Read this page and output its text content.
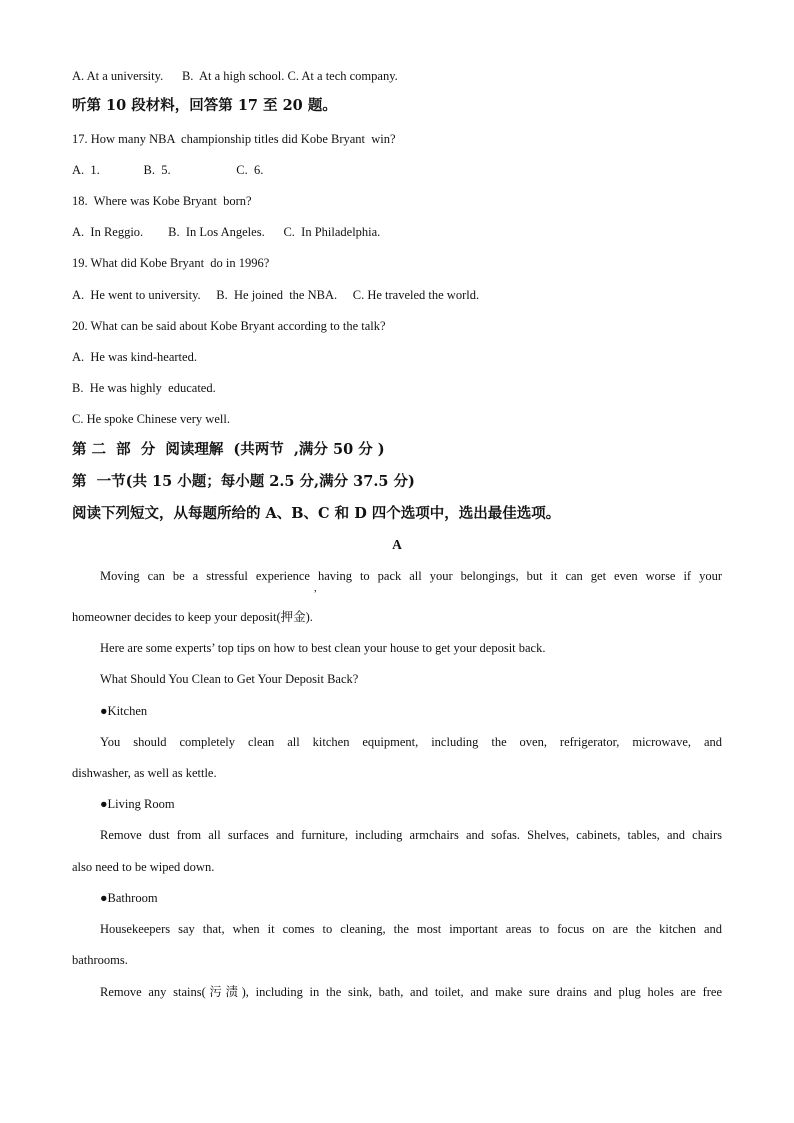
A. At a university.      B.  At a high school. C. At a tech company.
听第 10 段材料，回答第 17 至 20 题。
17. How many NBA  championship titles did Kobe Bryant  win?
A.  1.              B.  5.                     C.  6.
18.  Where was Kobe Bryant  born?
A.  In Reggio.        B.  In Los Angeles.      C.  In Philadelphia.
19. What did Kobe Bryant  do in 1996?
A.  He went to university.     B.  He joined  the NBA.     C. He traveled the world.
20. What can be said about Kobe Bryant according to the talk?
A.  He was kind-hearted.
B.  He was highly  educated.
C. He spoke Chinese very well.
第 二  部  分  阅读理解  (共两节  ,满分 50 分 )
第  一节(共 15 小题；每小题 2.5 分,满分 37.5 分)
阅读下列短文，从每题所给的 A、B、C 和 D 四个选项中，选出最佳选项。
A
Moving can be a stressful experience having to pack all your belongings, but it can get even worse if your
,
homeowner decides to keep your deposit(押金).
Here are some experts’ top tips on how to best clean your house to get your deposit back.
What Should You Clean to Get Your Deposit Back?
●Kitchen
You should completely clean all kitchen equipment, including the oven, refrigerator, microwave, and
dishwasher, as well as kettle.
●Living Room
Remove dust from all surfaces and furniture, including armchairs and sofas. Shelves, cabinets, tables, and chairs
also need to be wiped down.
●Bathroom
Housekeepers say that, when it comes to cleaning, the most important areas to focus on are the kitchen and
bathrooms.
Remove any stains(污渍), including in the sink, bath, and toilet, and make sure drains and plug holes are free
